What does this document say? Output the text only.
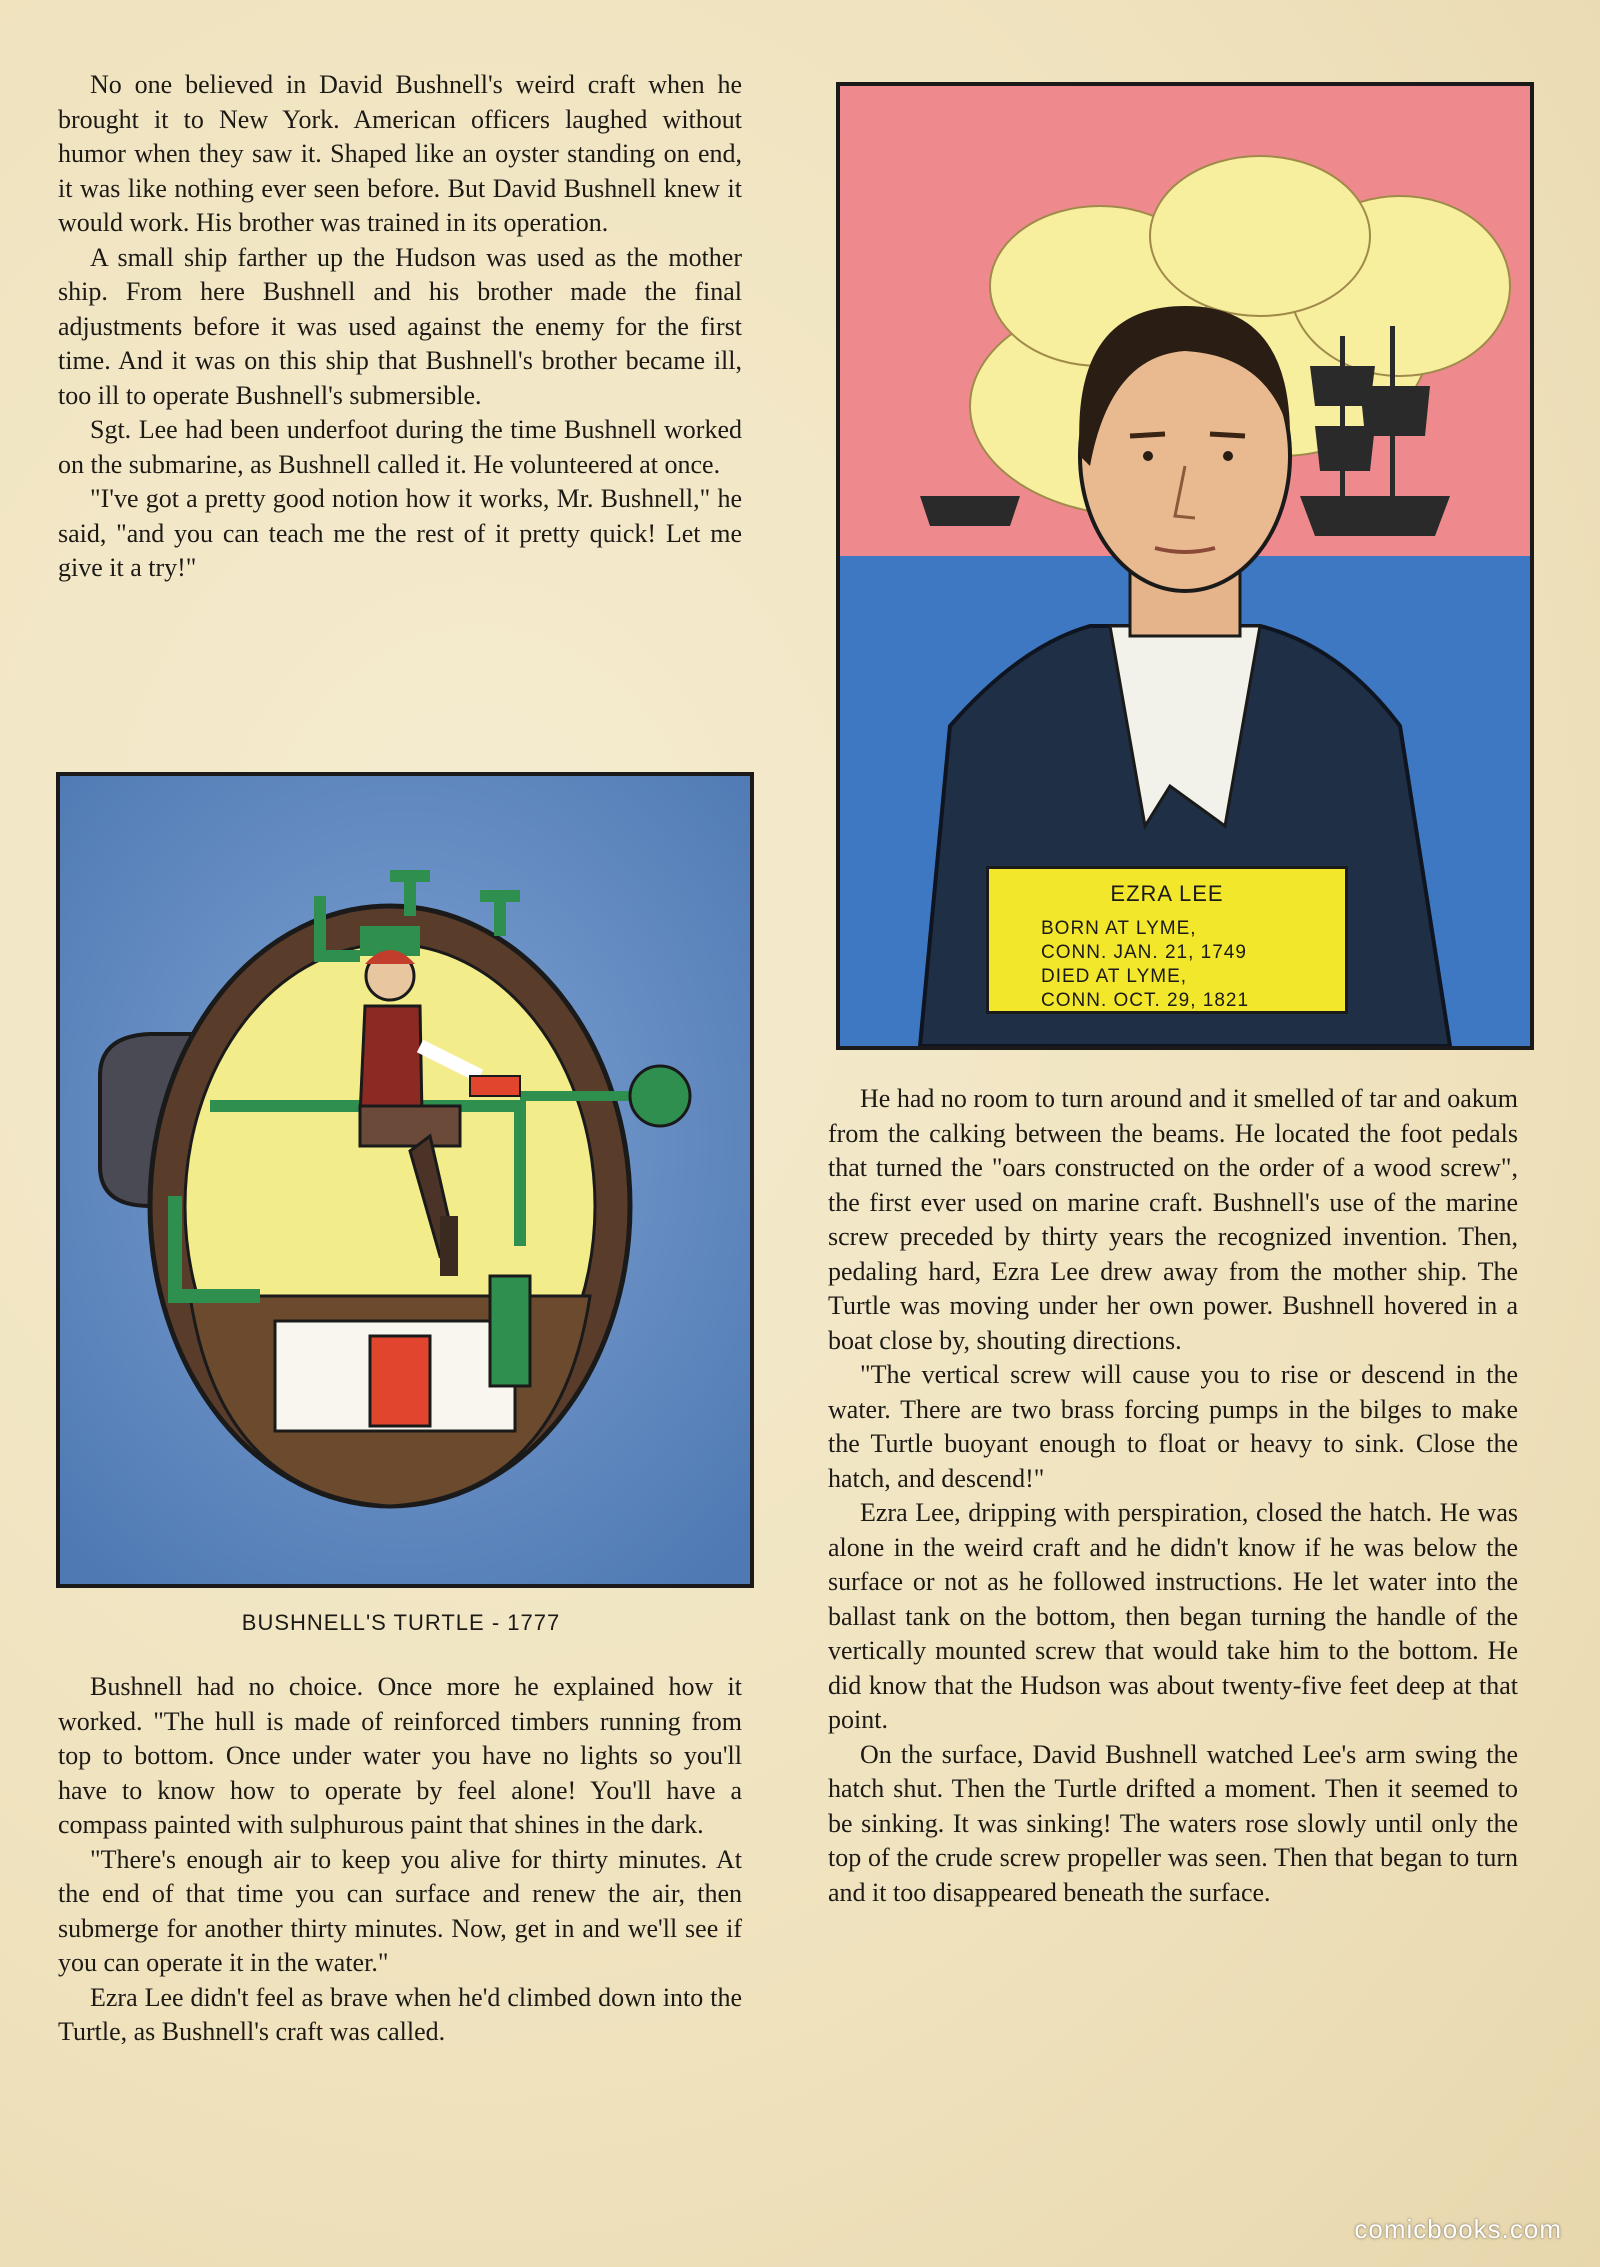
No one believed in David Bushnell's weird craft when he brought it to New York. American officers laughed without humor when they saw it. Shaped like an oyster standing on end, it was like nothing ever seen before. But David Bushnell knew it would work. His brother was trained in its operation.

A small ship farther up the Hudson was used as the mother ship. From here Bushnell and his brother made the final adjustments before it was used against the enemy for the first time. And it was on this ship that Bushnell's brother became ill, too ill to operate Bushnell's submersible.

Sgt. Lee had been underfoot during the time Bushnell worked on the submarine, as Bushnell called it. He volunteered at once.

"I've got a pretty good notion how it works, Mr. Bushnell," he said, "and you can teach me the rest of it pretty quick! Let me give it a try!"

BUSHNELL'S TURTLE - 1777

Bushnell had no choice. Once more he explained how it worked. "The hull is made of reinforced timbers running from top to bottom. Once under water you have no lights so you'll have to know how to operate by feel alone! You'll have a compass painted with sulphurous paint that shines in the dark.

"There's enough air to keep you alive for thirty minutes. At the end of that time you can surface and renew the air, then submerge for another thirty minutes. Now, get in and we'll see if you can operate it in the water."

Ezra Lee didn't feel as brave when he'd climbed down into the Turtle, as Bushnell's craft was called.

EZRA LEE
BORN AT LYME,
CONN. JAN. 21, 1749
DIED AT LYME,
CONN. OCT. 29, 1821

He had no room to turn around and it smelled of tar and oakum from the calking between the beams. He located the foot pedals that turned the "oars constructed on the order of a wood screw", the first ever used on marine craft. Bushnell's use of the marine screw preceded by thirty years the recognized invention. Then, pedaling hard, Ezra Lee drew away from the mother ship. The Turtle was moving under her own power. Bushnell hovered in a boat close by, shouting directions.

"The vertical screw will cause you to rise or descend in the water. There are two brass forcing pumps in the bilges to make the Turtle buoyant enough to float or heavy to sink. Close the hatch, and descend!"

Ezra Lee, dripping with perspiration, closed the hatch. He was alone in the weird craft and he didn't know if he was below the surface or not as he followed instructions. He let water into the ballast tank on the bottom, then began turning the handle of the vertically mounted screw that would take him to the bottom. He did know that the Hudson was about twenty-five feet deep at that point.

On the surface, David Bushnell watched Lee's arm swing the hatch shut. Then the Turtle drifted a moment. Then it seemed to be sinking. It was sinking! The waters rose slowly until only the top of the crude screw propeller was seen. Then that began to turn and it too disappeared beneath the surface.

comicbooks.com
